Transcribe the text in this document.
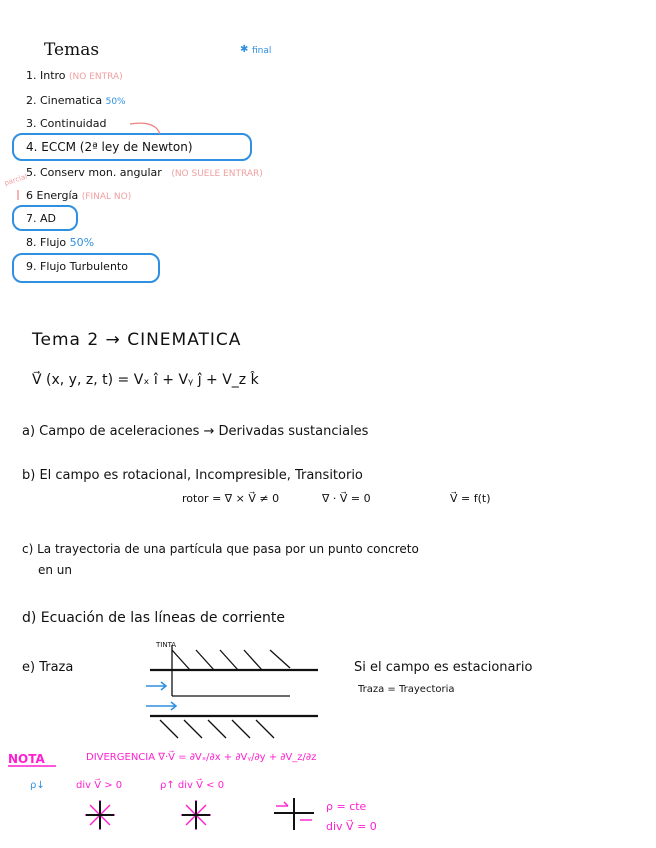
Temas	final
✱
1. Intro (NO ENTRA)
2. Cinematica 50%
3. Continuidad
4. ECCM (2ª ley de Newton)
5. Conserv mon. angular (NO SUELE ENTRAR)
parcial
6 Energía (FINAL NO)
7. AD
8. Flujo 50%
9. Flujo Turbulento
Tema 2 → CINEMATICA
V⃗ (x, y, z, t) = Vₓ î + Vᵧ ĵ + V_z k̂
a) Campo de aceleraciones → Derivadas sustanciales
b) El campo es rotacional, Incompresible, Transitorio
rotor = ∇ × V⃗ ≠ 0	∇ · V⃗ = 0	V⃗ = f(t)
c) La trayectoria de una partícula que pasa por un punto concreto
en un
d) Ecuación de las líneas de corriente
e) Traza
TINTA
Si el campo es estacionario
Traza = Trayectoria
NOTA	DIVERGENCIA ∇·V⃗ = ∂Vₓ/∂x + ∂Vᵧ/∂y + ∂V_z/∂z
ρ↓	div V⃗ > 0	ρ↑ div V⃗ < 0
ρ = cte
div V⃗ = 0
